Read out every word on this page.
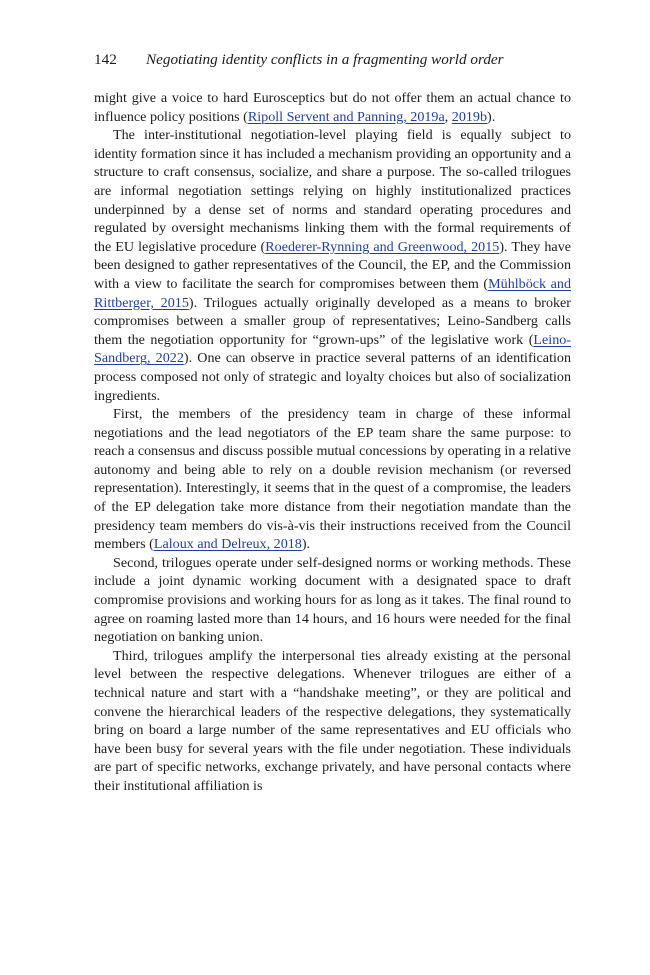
142 Negotiating identity conflicts in a fragmenting world order

might give a voice to hard Eurosceptics but do not offer them an actual chance to influence policy positions (Ripoll Servent and Panning, 2019a, 2019b).

The inter-institutional negotiation-level playing field is equally subject to identity formation since it has included a mechanism providing an opportunity and a structure to craft consensus, socialize, and share a purpose. The so-called trilogues are informal negotiation settings relying on highly institutionalized practices underpinned by a dense set of norms and standard operating procedures and regulated by oversight mechanisms linking them with the formal requirements of the EU legislative procedure (Roederer-Rynning and Greenwood, 2015). They have been designed to gather representatives of the Council, the EP, and the Commission with a view to facilitate the search for compromises between them (Mühlböck and Rittberger, 2015). Trilogues actually originally developed as a means to broker compromises between a smaller group of representatives; Leino-Sandberg calls them the negotiation opportunity for “grown-ups” of the legislative work (Leino-Sandberg, 2022). One can observe in practice several patterns of an identification process composed not only of strategic and loyalty choices but also of socialization ingredients.

First, the members of the presidency team in charge of these informal negotiations and the lead negotiators of the EP team share the same purpose: to reach a consensus and discuss possible mutual concessions by operating in a relative autonomy and being able to rely on a double revision mechanism (or reversed representation). Interestingly, it seems that in the quest of a compromise, the leaders of the EP delegation take more distance from their negotiation mandate than the presidency team members do vis-à-vis their instructions received from the Council members (Laloux and Delreux, 2018).

Second, trilogues operate under self-designed norms or working methods. These include a joint dynamic working document with a designated space to draft compromise provisions and working hours for as long as it takes. The final round to agree on roaming lasted more than 14 hours, and 16 hours were needed for the final negotiation on banking union.

Third, trilogues amplify the interpersonal ties already existing at the personal level between the respective delegations. Whenever trilogues are either of a technical nature and start with a “handshake meeting”, or they are political and convene the hierarchical leaders of the respective delegations, they systematically bring on board a large number of the same representatives and EU officials who have been busy for several years with the file under negotiation. These individuals are part of specific networks, exchange privately, and have personal contacts where their institutional affiliation is
